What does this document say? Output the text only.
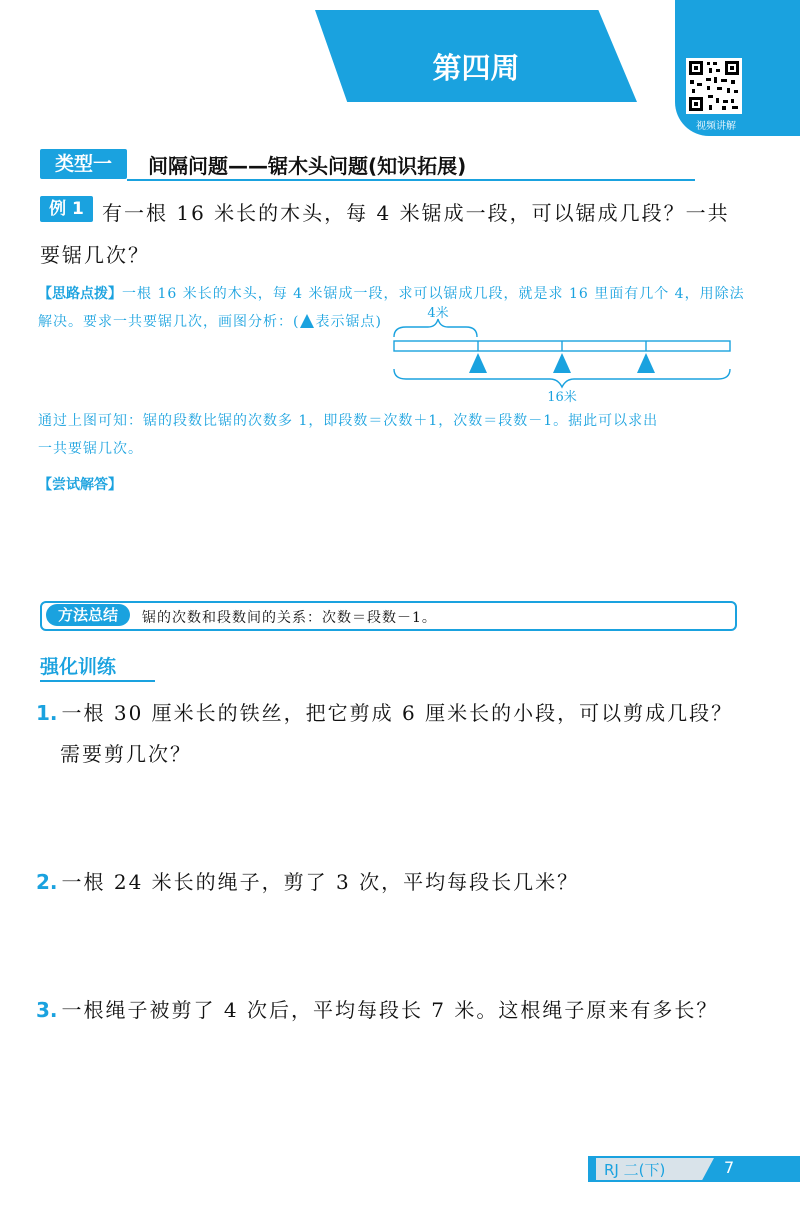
第四周
视频讲解
类型一	间隔问题——锯木头问题(知识拓展)
例 1 有一根 16 米长的木头，每 4 米锯成一段，可以锯成几段？一共
要锯几次？
【思路点拨】一根 16 米长的木头，每 4 米锯成一段，求可以锯成几段，就是求 16 里面有几个 4，用除法
解决。要求一共要锯几次，画图分析：( 表示锯点)
4米
16米
通过上图可知：锯的段数比锯的次数多 1，即段数＝次数＋1，次数＝段数－1。据此可以求出
一共要锯几次。
【尝试解答】
方法总结	锯的次数和段数间的关系：次数＝段数－1。
强化训练
1. 一根 30 厘米长的铁丝，把它剪成 6 厘米长的小段，可以剪成几段？
需要剪几次？
2. 一根 24 米长的绳子，剪了 3 次，平均每段长几米？
3. 一根绳子被剪了 4 次后，平均每段长 7 米。这根绳子原来有多长？
RJ 二(下)	7
